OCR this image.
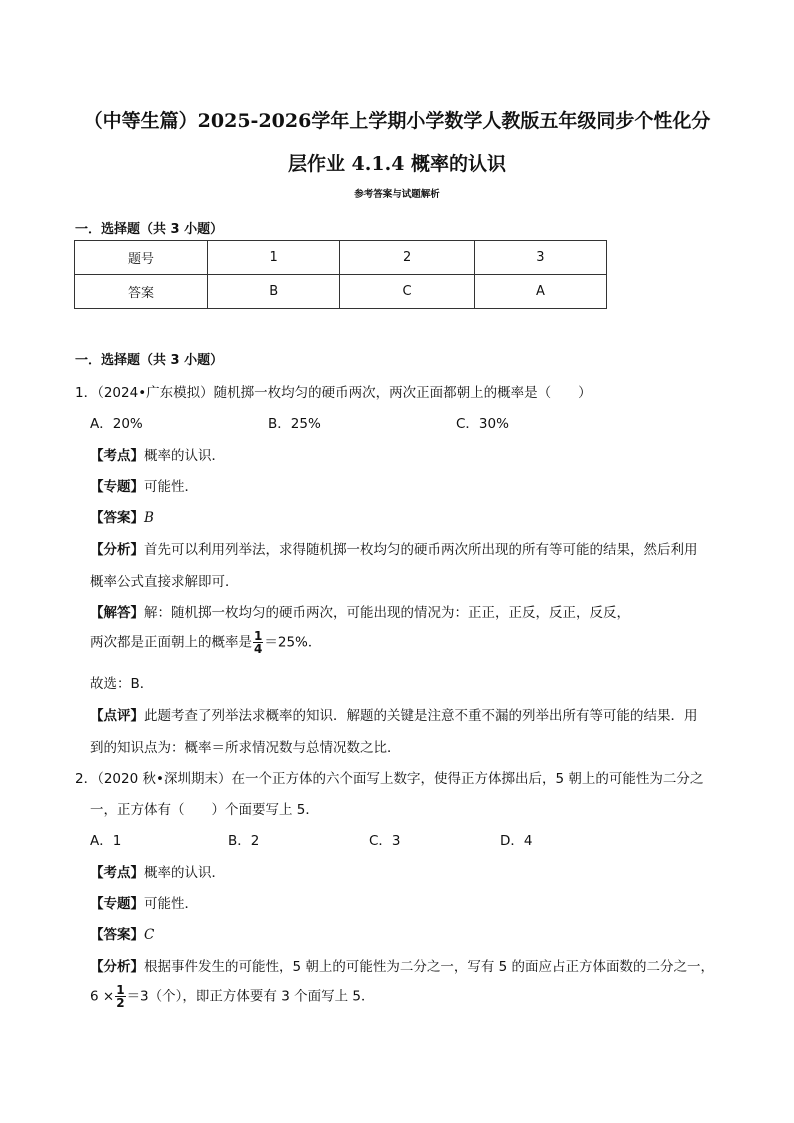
（中等生篇）2025-2026学年上学期小学数学人教版五年级同步个性化分
层作业 4.1.4 概率的认识
参考答案与试题解析
一．选择题（共 3 小题）
题号	1	2	3
答案	B	C	A
一．选择题（共 3 小题）
1．（2024•广东模拟）随机掷一枚均匀的硬币两次，两次正面都朝上的概率是（　　）
A．20%	B．25%	C．30%
【考点】概率的认识．
【专题】可能性．
【答案】B
【分析】首先可以利用列举法，求得随机掷一枚均匀的硬币两次所出现的所有等可能的结果，然后利用
概率公式直接求解即可．
【解答】解：随机掷一枚均匀的硬币两次，可能出现的情况为：正正，正反，反正，反反，
两次都是正面朝上的概率是 $\frac{1}{4} =25\%$．
故选：B．
【点评】此题考查了列举法求概率的知识．解题的关键是注意不重不漏的列举出所有等可能的结果．用
到的知识点为：概率＝所求情况数与总情况数之比．
2．（2020 秋•深圳期末）在一个正方体的六个面写上数字，使得正方体掷出后，5 朝上的可能性为二分之
一，正方体有（　　）个面要写上 5．
A．1	B．2	C．3	D．4
【考点】概率的认识．
【专题】可能性．
【答案】C
【分析】根据事件发生的可能性，5 朝上的可能性为二分之一，写有 5 的面应占正方体面数的二分之一，
$6 \times \frac{1}{2} =3$（个），即正方体要有 3 个面写上 5．
